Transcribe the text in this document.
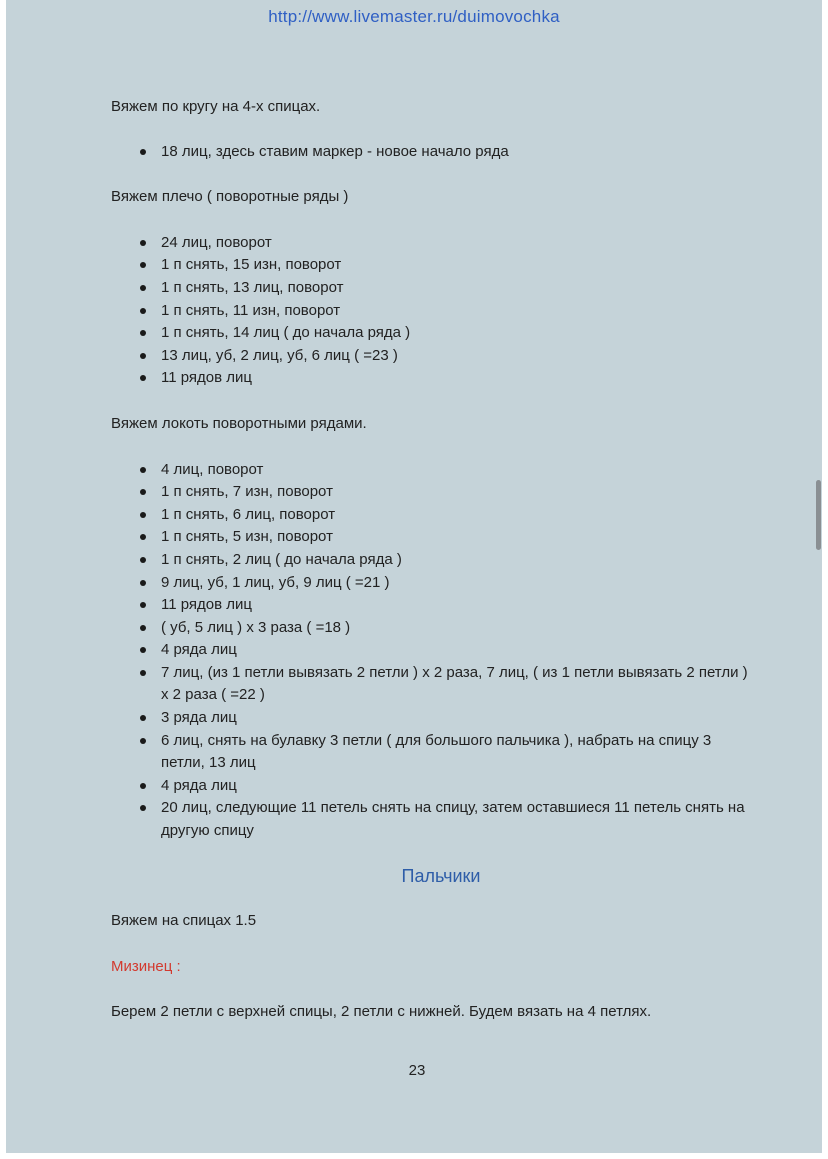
http://www.livemaster.ru/duimovochka

Вяжем по кругу на 4-х спицах.

18 лиц, здесь ставим маркер - новое начало ряда

Вяжем плечо ( поворотные ряды )

24 лиц, поворот
1 п снять, 15 изн, поворот
1 п снять, 13 лиц, поворот
1 п снять, 11 изн, поворот
1 п снять, 14 лиц ( до начала ряда )
13 лиц, уб, 2 лиц, уб, 6 лиц ( =23 )
11 рядов лиц

Вяжем локоть поворотными рядами.

4 лиц, поворот
1 п снять, 7 изн, поворот
1 п снять, 6 лиц, поворот
1 п снять, 5 изн, поворот
1 п снять, 2 лиц ( до начала ряда )
9 лиц, уб, 1 лиц, уб, 9 лиц ( =21 )
11 рядов лиц
( уб, 5 лиц ) х 3 раза ( =18 )
4 ряда лиц
7 лиц, (из 1 петли вывязать 2 петли ) х 2 раза, 7 лиц, ( из 1 петли вывязать 2 петли ) х 2 раза ( =22 )
3 ряда лиц
6 лиц, снять на булавку 3 петли ( для большого пальчика ), набрать на спицу 3 петли, 13 лиц
4 ряда лиц
20 лиц, следующие 11 петель снять на спицу, затем оставшиеся 11 петель снять на другую спицу

Пальчики

Вяжем на спицах 1.5

Мизинец :

Берем 2 петли с верхней спицы, 2 петли с нижней. Будем вязать на 4 петлях.

23
